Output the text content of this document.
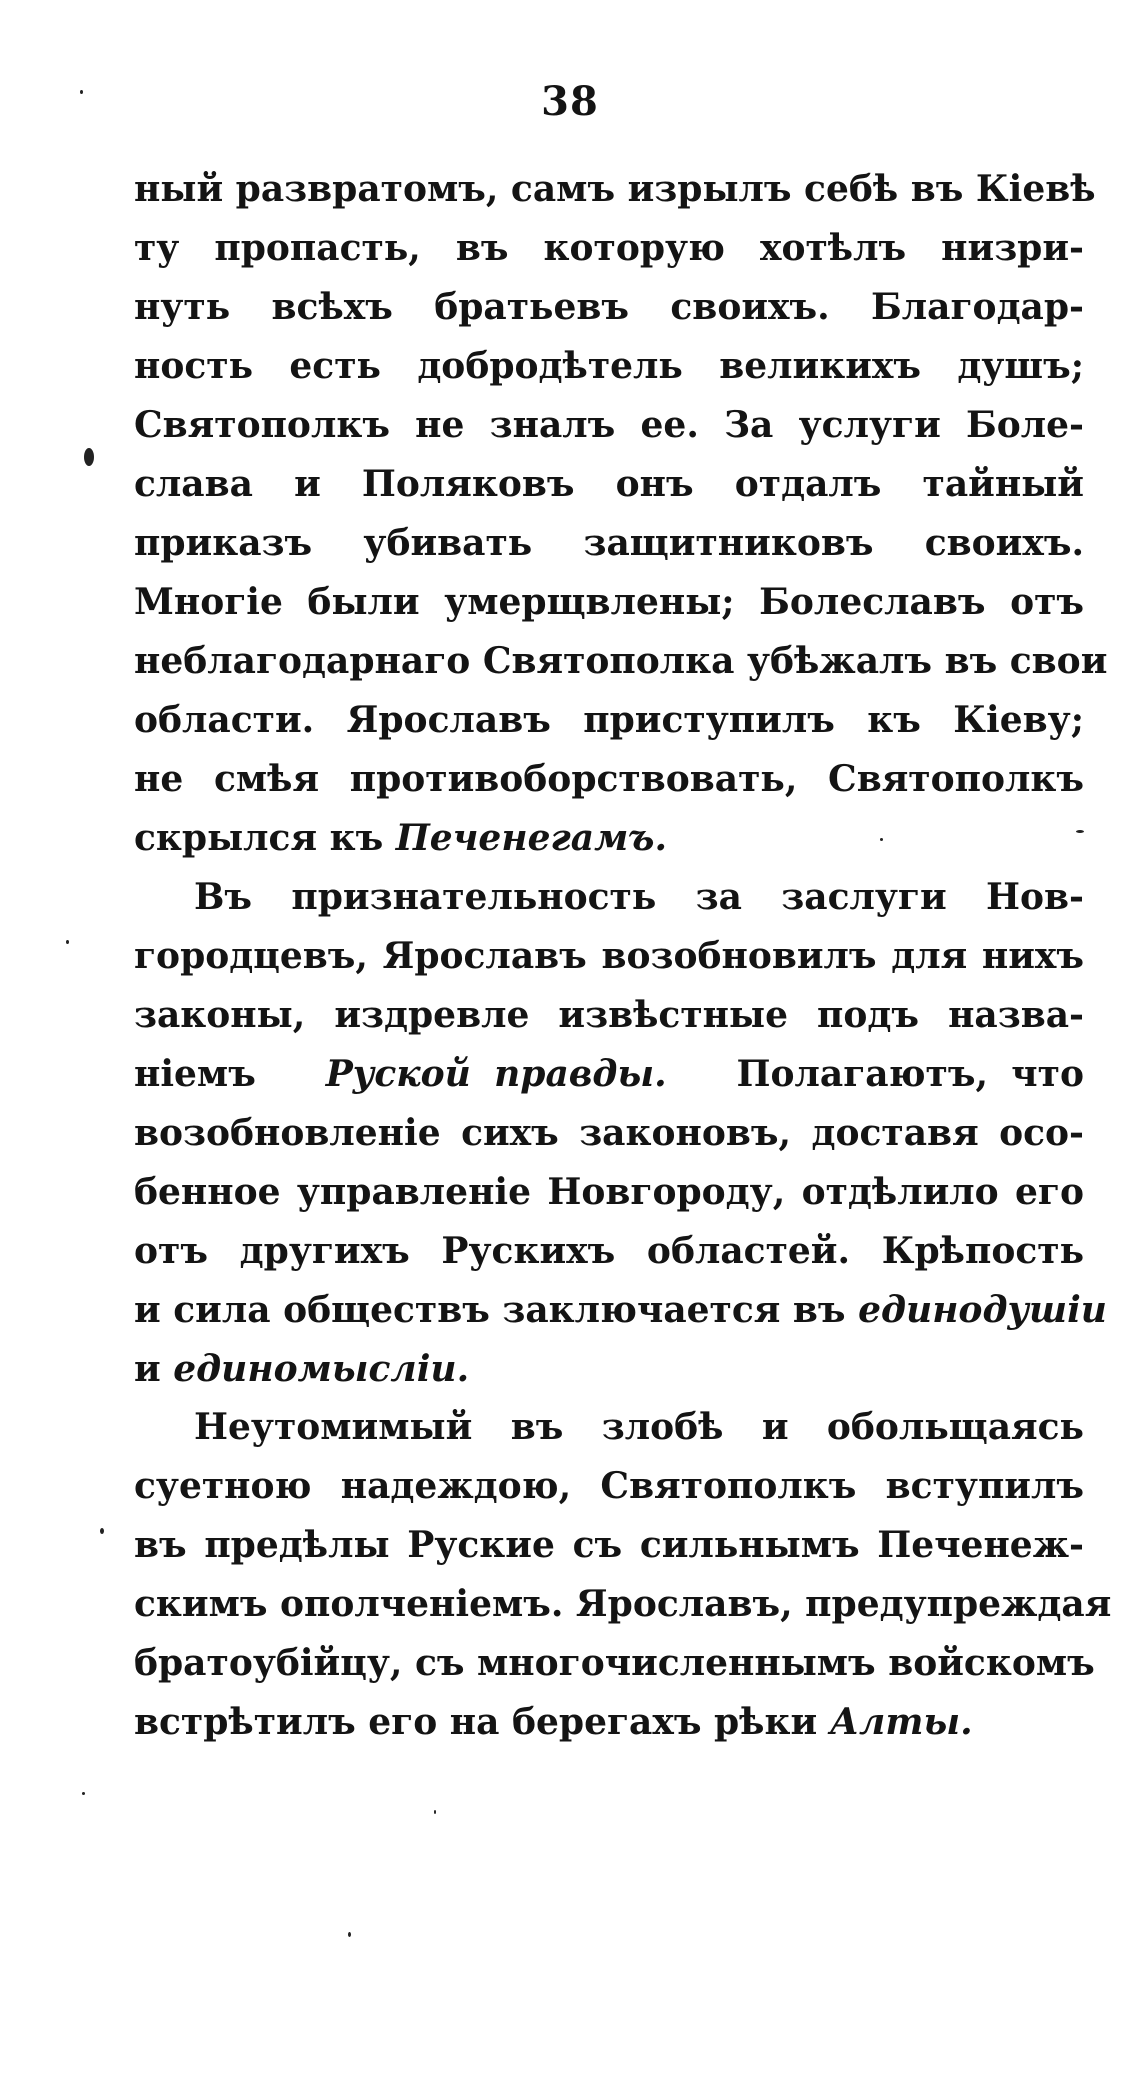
38
ный развратомъ, самъ изрылъ себѣ въ Кіевѣ
ту пропасть, въ которую хотѣлъ низри-
нуть всѣхъ братьевъ своихъ. Благодар-
ность есть добродѣтель великихъ душъ;
Святополкъ не зналъ ее. За услуги Боле-
слава и Поляковъ онъ отдалъ тайный
приказъ убивать защитниковъ своихъ.
Многіе были умерщвлены; Болеславъ отъ
неблагодарнаго Святополка убѣжалъ въ свои
области. Ярославъ приступилъ къ Кіеву;
не смѣя противоборствовать, Святополкъ
скрылся къ Печенегамъ.
Въ признательность за заслуги Нов-
городцевъ, Ярославъ возобновилъ для нихъ
законы, издревле извѣстные подъ назва-
ніемъ Руской правды. Полагаютъ, что
возобновленіе сихъ законовъ, доставя осо-
бенное управленіе Новгороду, отдѣлило его
отъ другихъ Рускихъ областей. Крѣпость
и сила обществъ заключается въ единодушіи
и единомысліи.
Неутомимый въ злобѣ и обольщаясь
суетною надеждою, Святополкъ вступилъ
въ предѣлы Руские съ сильнымъ Печенеж-
скимъ ополченіемъ. Ярославъ, предупреждая
братоубійцу, съ многочисленнымъ войскомъ
встрѣтилъ его на берегахъ рѣки Алты.
